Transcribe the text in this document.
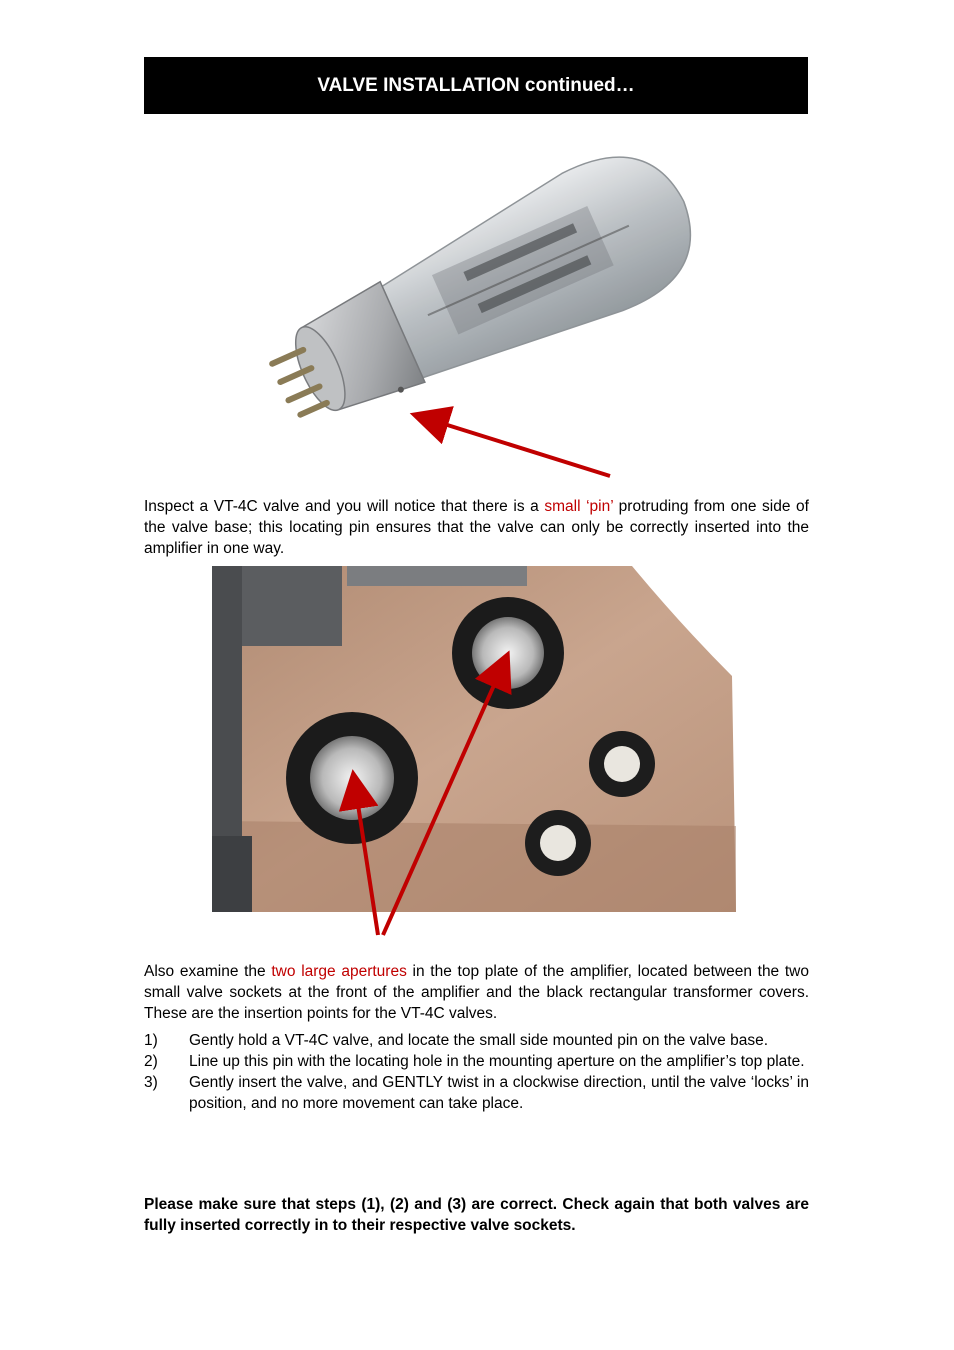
VALVE INSTALLATION continued…

Inspect a VT-4C valve and you will notice that there is a small ‘pin’ protruding from one side of the valve base; this locating pin ensures that the valve can only be correctly inserted into the amplifier in one way.

Also examine the two large apertures in the top plate of the amplifier, located between the two small valve sockets at the front of the amplifier and the black rectangular transformer covers. These are the insertion points for the VT-4C valves.

1)	Gently hold a VT-4C valve, and locate the small side mounted pin on the valve base.
2)	Line up this pin with the locating hole in the mounting aperture on the amplifier’s top plate.
3)	Gently insert the valve, and GENTLY twist in a clockwise direction, until the valve ‘locks’ in position, and no more movement can take place.

Please make sure that steps (1), (2) and (3) are correct. Check again that both valves are fully inserted correctly in to their respective valve sockets.
